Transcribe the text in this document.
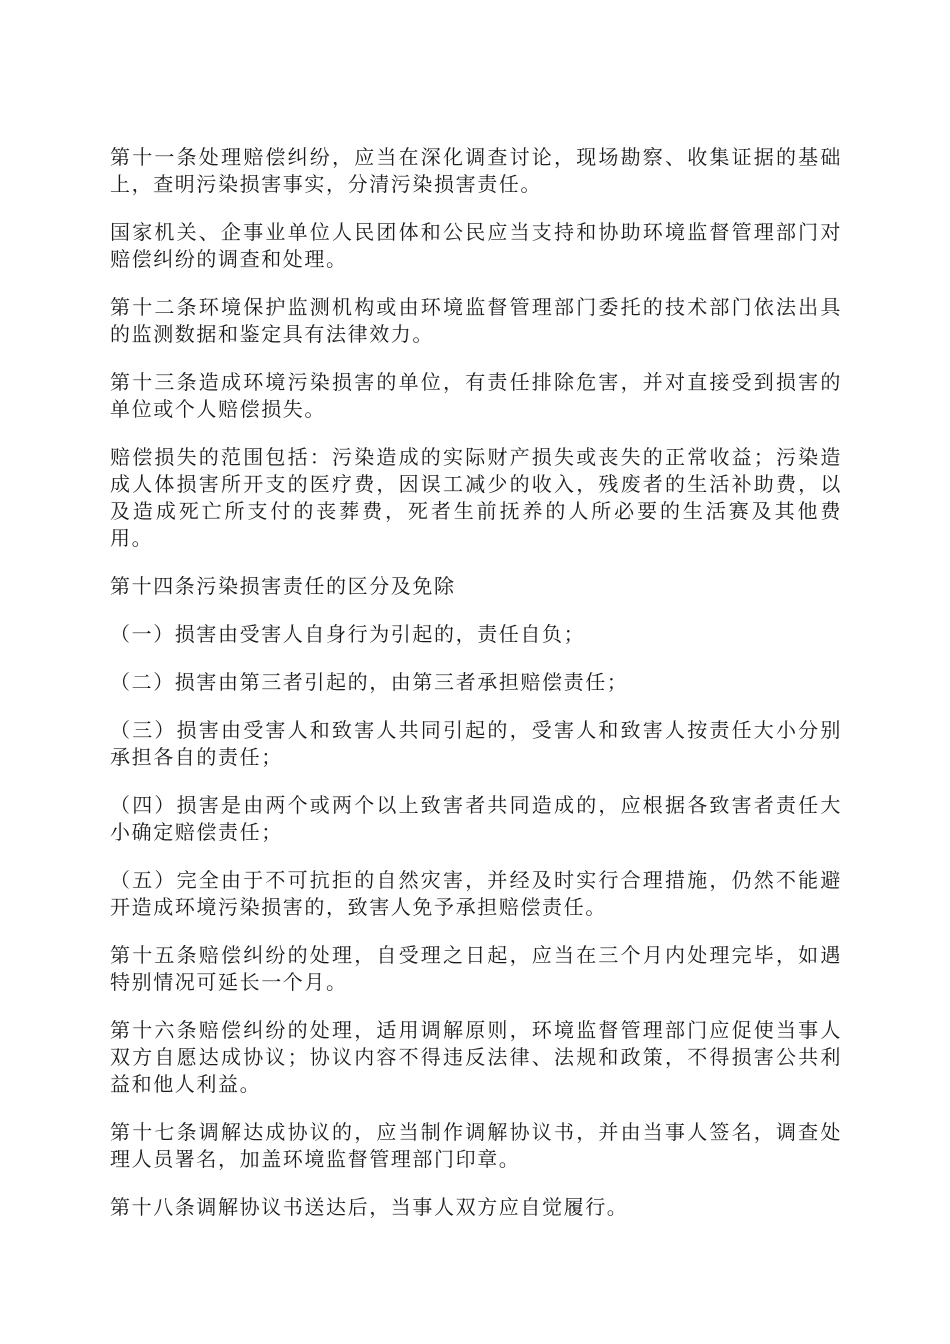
第十一条处理赔偿纠纷，应当在深化调查讨论，现场勘察、收集证据的基础上，查明污染损害事实，分清污染损害责任。

国家机关、企事业单位人民团体和公民应当支持和协助环境监督管理部门对赔偿纠纷的调查和处理。

第十二条环境保护监测机构或由环境监督管理部门委托的技术部门依法出具的监测数据和鉴定具有法律效力。

第十三条造成环境污染损害的单位，有责任排除危害，并对直接受到损害的单位或个人赔偿损失。

赔偿损失的范围包括：污染造成的实际财产损失或丧失的正常收益；污染造成人体损害所开支的医疗费，因误工减少的收入，残废者的生活补助费，以及造成死亡所支付的丧葬费，死者生前抚养的人所必要的生活赛及其他费用。

第十四条污染损害责任的区分及免除

（一）损害由受害人自身行为引起的，责任自负；

（二）损害由第三者引起的，由第三者承担赔偿责任；

（三）损害由受害人和致害人共同引起的，受害人和致害人按责任大小分别承担各自的责任；

（四）损害是由两个或两个以上致害者共同造成的，应根据各致害者责任大小确定赔偿责任；

（五）完全由于不可抗拒的自然灾害，并经及时实行合理措施，仍然不能避开造成环境污染损害的，致害人免予承担赔偿责任。

第十五条赔偿纠纷的处理，自受理之日起，应当在三个月内处理完毕，如遇特别情况可延长一个月。

第十六条赔偿纠纷的处理，适用调解原则，环境监督管理部门应促使当事人双方自愿达成协议；协议内容不得违反法律、法规和政策，不得损害公共利益和他人利益。

第十七条调解达成协议的，应当制作调解协议书，并由当事人签名，调查处理人员署名，加盖环境监督管理部门印章。

第十八条调解协议书送达后，当事人双方应自觉履行。
